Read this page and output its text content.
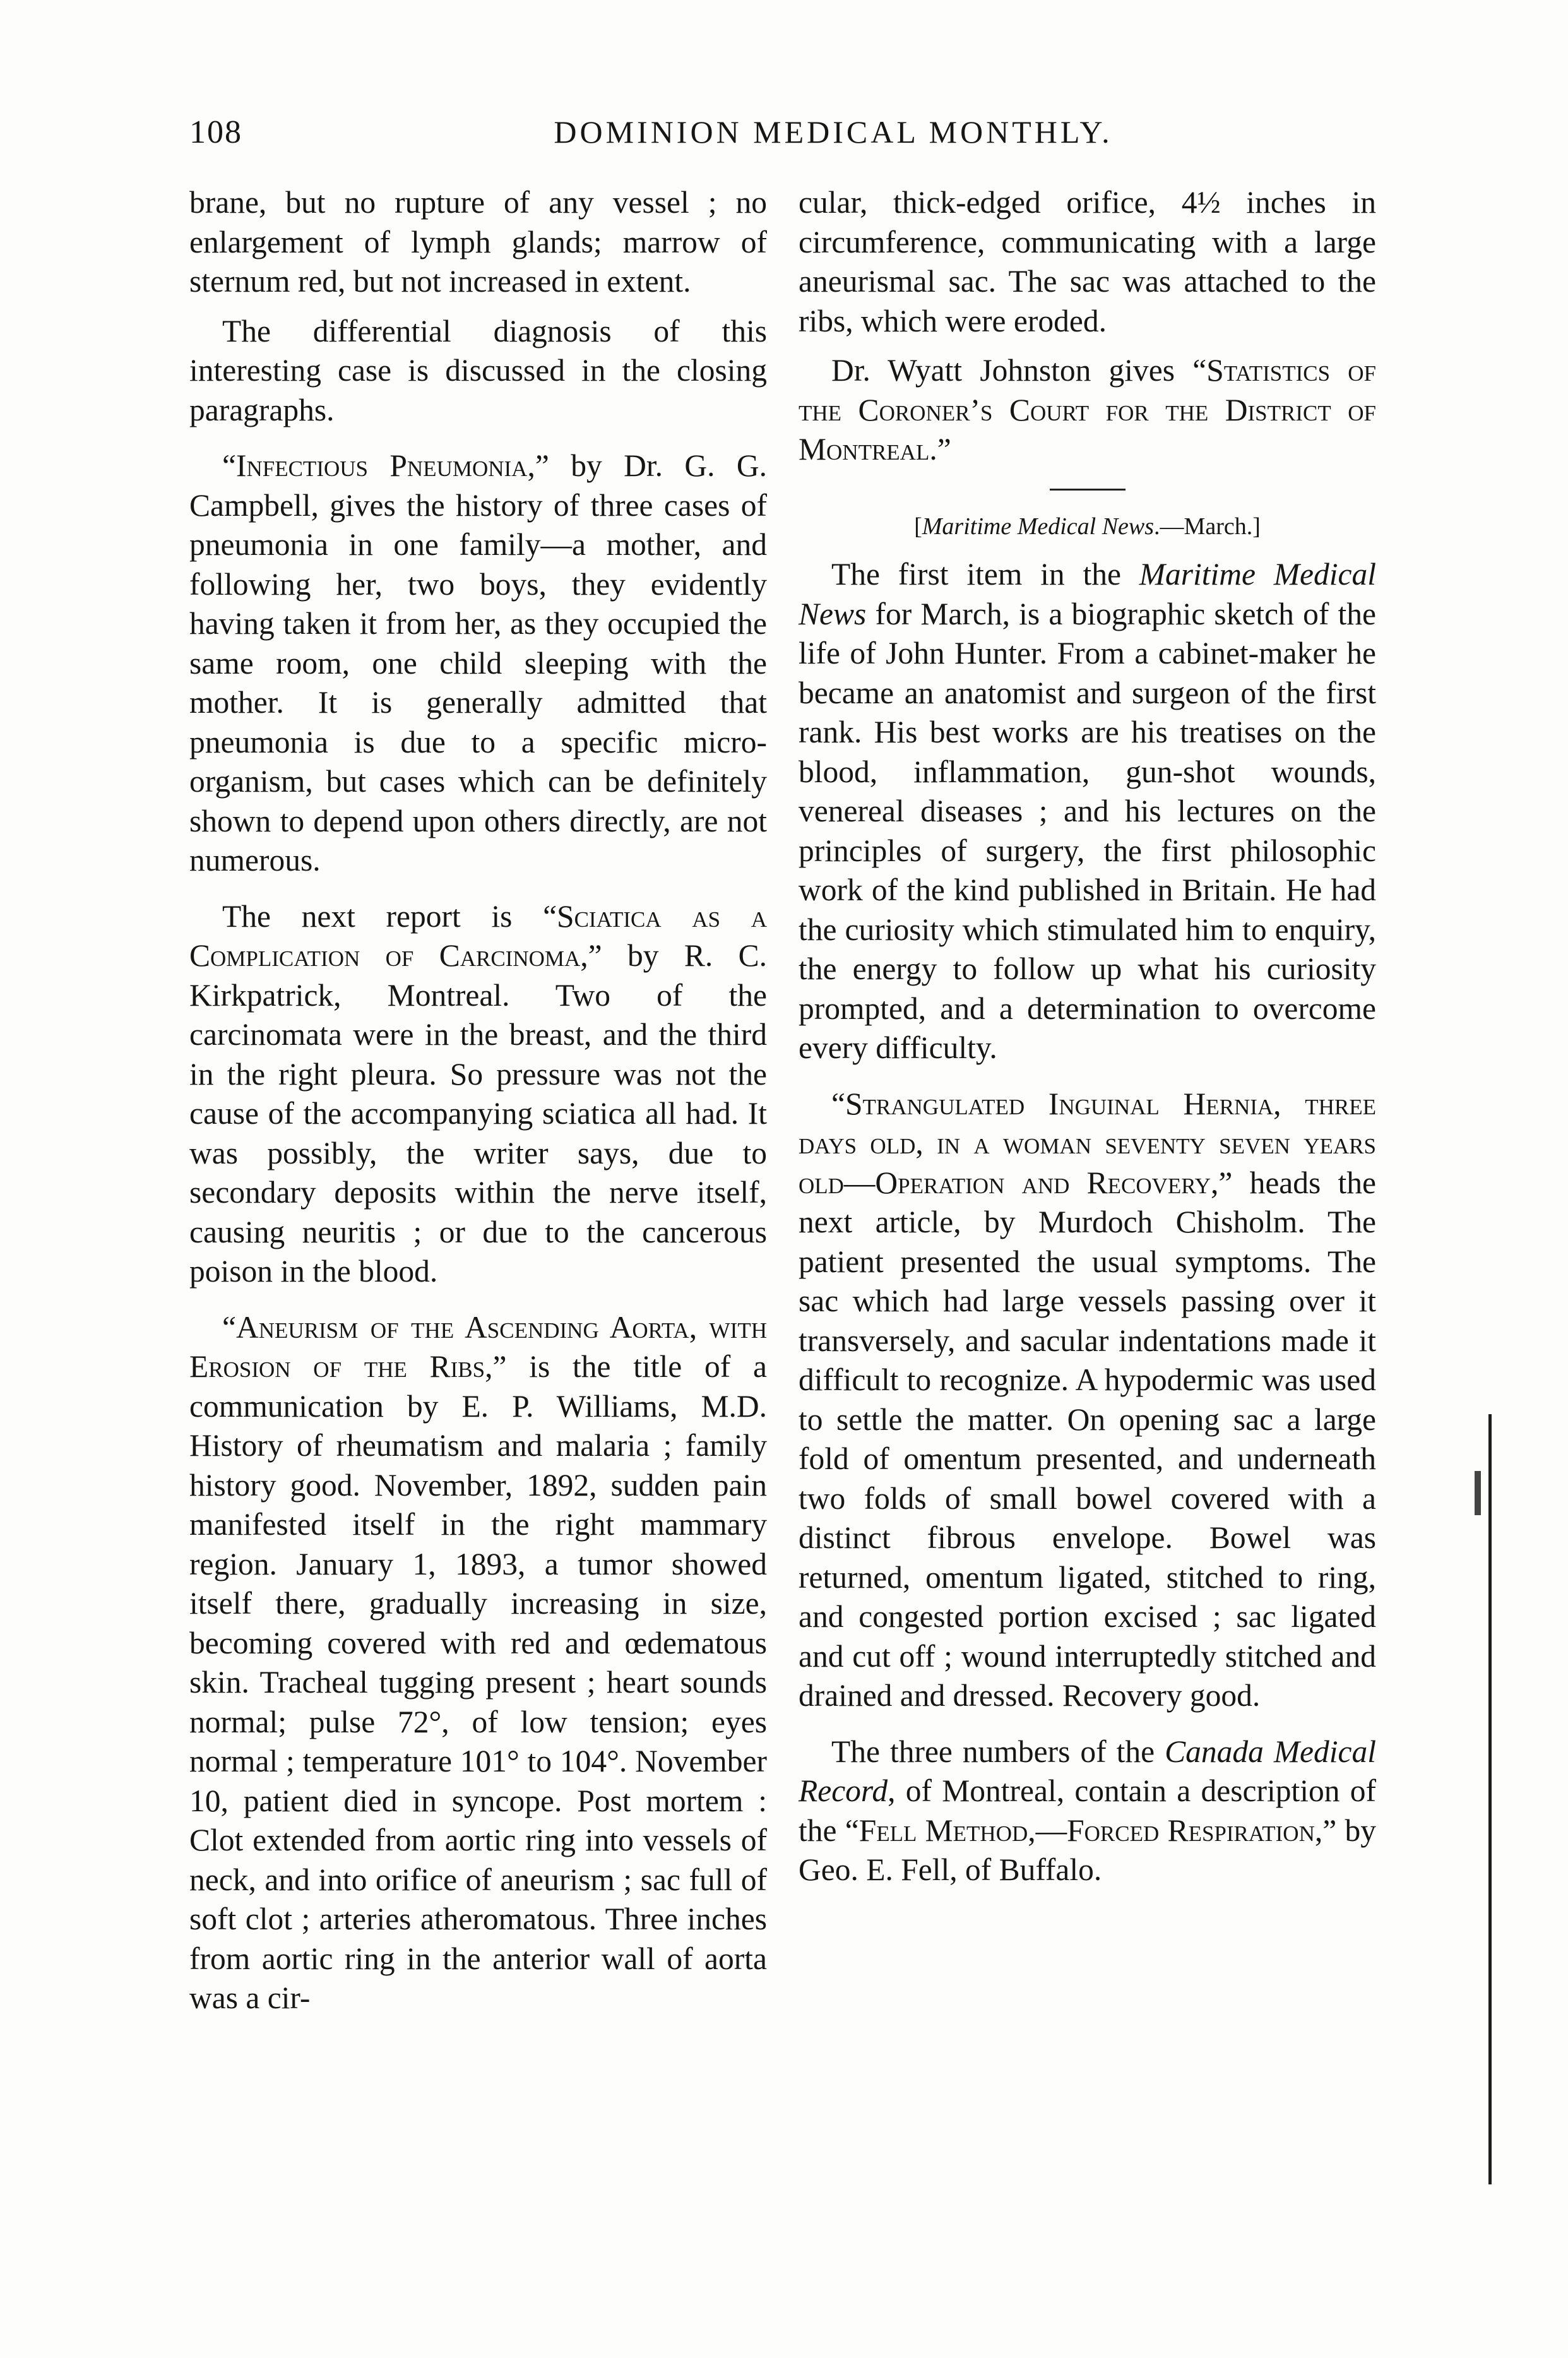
108	DOMINION MEDICAL MONTHLY.

brane, but no rupture of any vessel ; no enlargement of lymph glands; marrow of sternum red, but not increased in extent.

The differential diagnosis of this interesting case is discussed in the closing paragraphs.

“Infectious Pneumonia,” by Dr. G. G. Campbell, gives the history of three cases of pneumonia in one family—a mother, and following her, two boys, they evidently having taken it from her, as they occupied the same room, one child sleeping with the mother. It is generally admitted that pneumonia is due to a specific micro-organism, but cases which can be definitely shown to depend upon others directly, are not numerous.

The next report is “Sciatica as a Complication of Carcinoma,” by R. C. Kirkpatrick, Montreal. Two of the carcinomata were in the breast, and the third in the right pleura. So pressure was not the cause of the accompanying sciatica all had. It was possibly, the writer says, due to secondary deposits within the nerve itself, causing neuritis ; or due to the cancerous poison in the blood.

“Aneurism of the Ascending Aorta, with Erosion of the Ribs,” is the title of a communication by E. P. Williams, M.D. History of rheumatism and malaria ; family history good. November, 1892, sudden pain manifested itself in the right mammary region. January 1, 1893, a tumor showed itself there, gradually increasing in size, becoming covered with red and œdematous skin. Tracheal tugging present ; heart sounds normal; pulse 72°, of low tension; eyes normal ; temperature 101° to 104°. November 10, patient died in syncope. Post mortem : Clot extended from aortic ring into vessels of neck, and into orifice of aneurism ; sac full of soft clot ; arteries atheromatous. Three inches from aortic ring in the anterior wall of aorta was a cir-

cular, thick-edged orifice, 4½ inches in circumference, communicating with a large aneurismal sac. The sac was attached to the ribs, which were eroded.

Dr. Wyatt Johnston gives “Statistics of the Coroner’s Court for the District of Montreal.”

[Maritime Medical News.—March.]

The first item in the Maritime Medical News for March, is a biographic sketch of the life of John Hunter. From a cabinet-maker he became an anatomist and surgeon of the first rank. His best works are his treatises on the blood, inflammation, gun-shot wounds, venereal diseases ; and his lectures on the principles of surgery, the first philosophic work of the kind published in Britain. He had the curiosity which stimulated him to enquiry, the energy to follow up what his curiosity prompted, and a determination to overcome every difficulty.

“Strangulated Inguinal Hernia, three days old, in a woman seventy seven years old—Operation and Recovery,” heads the next article, by Murdoch Chisholm. The patient presented the usual symptoms. The sac which had large vessels passing over it transversely, and sacular indentations made it difficult to recognize. A hypodermic was used to settle the matter. On opening sac a large fold of omentum presented, and underneath two folds of small bowel covered with a distinct fibrous envelope. Bowel was returned, omentum ligated, stitched to ring, and congested portion excised ; sac ligated and cut off ; wound interruptedly stitched and drained and dressed. Recovery good.

The three numbers of the Canada Medical Record, of Montreal, contain a description of the “Fell Method,—Forced Respiration,” by Geo. E. Fell, of Buffalo.
